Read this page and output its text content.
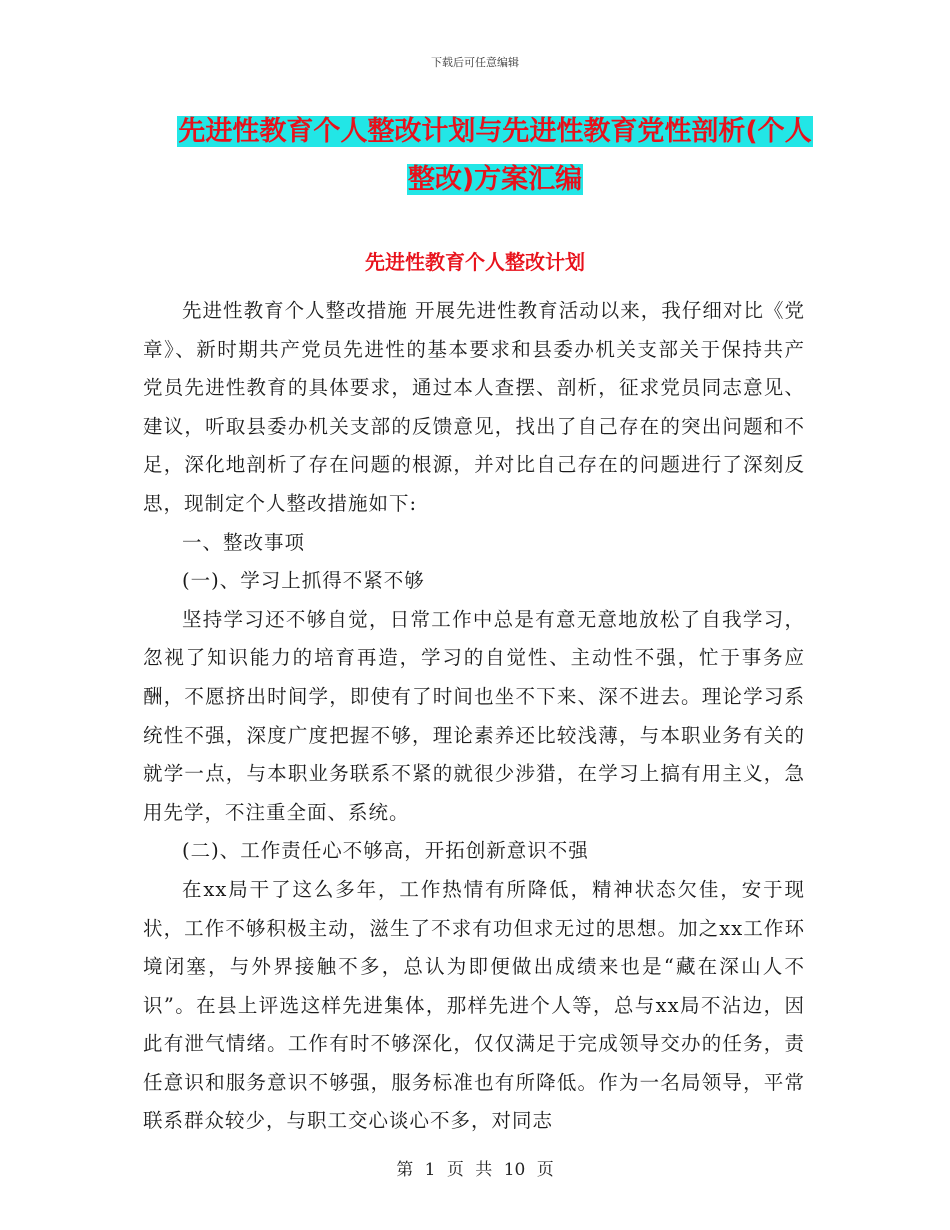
下载后可任意编辑
先进性教育个人整改计划与先进性教育党性剖析(个人
整改)方案汇编
先进性教育个人整改计划

先进性教育个人整改措施 开展先进性教育活动以来，我仔细对比《党章》、新时期共产党员先进性的基本要求和县委办机关支部关于保持共产党员先进性教育的具体要求，通过本人查摆、剖析，征求党员同志意见、建议，听取县委办机关支部的反馈意见，找出了自己存在的突出问题和不足，深化地剖析了存在问题的根源，并对比自己存在的问题进行了深刻反思，现制定个人整改措施如下:

一、整改事项

(一)、学习上抓得不紧不够

坚持学习还不够自觉，日常工作中总是有意无意地放松了自我学习，忽视了知识能力的培育再造，学习的自觉性、主动性不强，忙于事务应酬，不愿挤出时间学，即使有了时间也坐不下来、深不进去。理论学习系统性不强，深度广度把握不够，理论素养还比较浅薄，与本职业务有关的就学一点，与本职业务联系不紧的就很少涉猎，在学习上搞有用主义，急用先学，不注重全面、系统。

(二)、工作责任心不够高，开拓创新意识不强

在xx局干了这么多年，工作热情有所降低，精神状态欠佳，安于现状，工作不够积极主动，滋生了不求有功但求无过的思想。加之xx工作环境闭塞，与外界接触不多，总认为即便做出成绩来也是“藏在深山人不识”。在县上评选这样先进集体，那样先进个人等，总与xx局不沾边，因此有泄气情绪。工作有时不够深化，仅仅满足于完成领导交办的任务，责任意识和服务意识不够强，服务标准也有所降低。作为一名局领导，平常联系群众较少，与职工交心谈心不多，对同志

第 1 页 共 10 页
